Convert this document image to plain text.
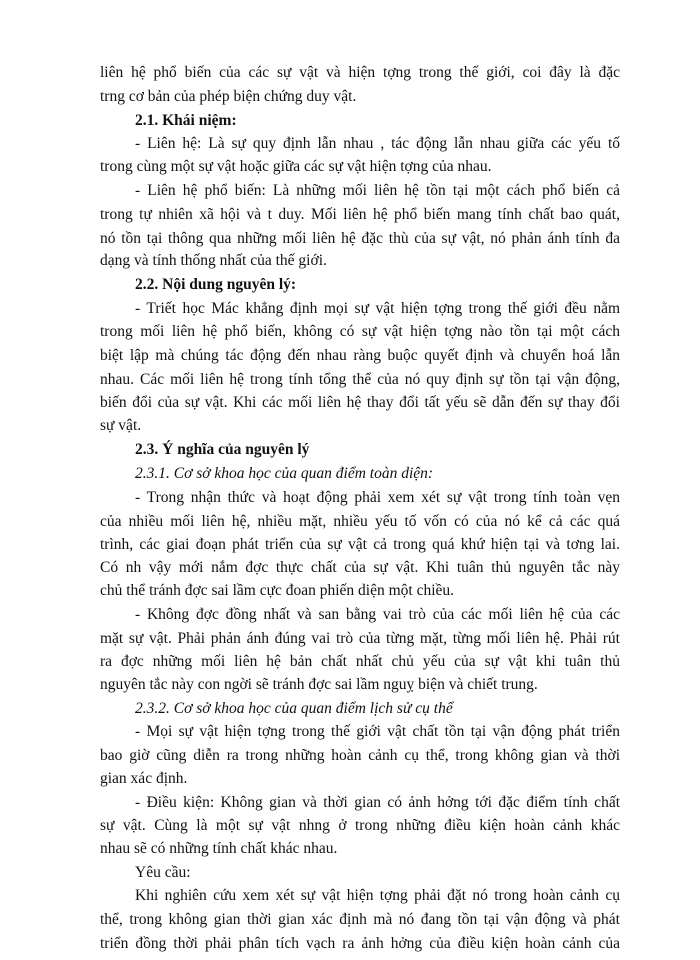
liên hệ phổ biến của các sự vật và hiện tợng trong thế giới, coi đây là đặc
trng cơ bản của phép biện chứng duy vật.
2.1. Khái niệm:
- Liên hệ: Là sự quy định lẫn nhau , tác động lẫn nhau giữa các yếu tố
trong cùng một sự vật hoặc giữa các sự vật hiện tợng của nhau.
- Liên hệ phổ biến: Là những mối liên hệ tồn tại một cách phổ biến cả
trong tự nhiên xã hội và t duy. Mối liên hệ phổ biến mang tính chất bao quát,
nó tồn tại thông qua những mối liên hệ đặc thù của sự vật, nó phản ánh tính đa
dạng và tính thống nhất của thế giới.
2.2. Nội dung nguyên lý:
- Triết học Mác khẳng định mọi sự vật hiện tợng trong thế giới đều nằm
trong mối liên hệ phổ biến, không có sự vật hiện tợng nào tồn tại một cách
biệt lập mà chúng tác động đến nhau ràng buộc quyết định và chuyển hoá lẫn
nhau. Các mối liên hệ trong tính tổng thể của nó quy định sự tồn tại vận động,
biến đổi của sự vật. Khi các mối liên hệ thay đổi tất yếu sẽ dẫn đến sự thay đổi
sự vật.
2.3. Ý nghĩa của nguyên lý
2.3.1. Cơ sở khoa học của quan điểm toàn diện:
- Trong nhận thức và hoạt động phải xem xét sự vật trong tính toàn vẹn
của nhiều mối liên hệ, nhiều mặt, nhiều yếu tố vốn có của nó kể cả các quá
trình, các giai đoạn phát triển của sự vật cả trong quá khứ hiện tại và tơng lai.
Có nh vậy mới nắm đợc thực chất của sự vật. Khi tuân thủ nguyên tắc này
chủ thể tránh đợc sai lầm cực đoan phiến diện một chiều.
- Không đợc đồng nhất và san bằng vai trò của các mối liên hệ của các
mặt sự vật. Phải phản ánh đúng vai trò của từng mặt, từng mối liên hệ. Phải rút
ra đợc những mối liên hệ bản chất nhất chủ yếu của sự vật khi tuân thủ
nguyên tắc này con ngời sẽ tránh đợc sai lầm nguỵ biện và chiết trung.
2.3.2. Cơ sở khoa học của quan điểm lịch sử cụ thể
- Mọi sự vật hiện tợng trong thế giới vật chất tồn tại vận động phát triển
bao giờ cũng diễn ra trong những hoàn cảnh cụ thể, trong không gian và thời
gian xác định.
- Điều kiện: Không gian và thời gian có ảnh hởng tới đặc điểm tính chất
sự vật. Cùng là một sự vật nhng ở trong những điều kiện hoàn cảnh khác
nhau sẽ có những tính chất khác nhau.
Yêu cầu:
Khi nghiên cứu xem xét sự vật hiện tợng phải đặt nó trong hoàn cảnh cụ
thể, trong không gian thời gian xác định mà nó đang tồn tại vận động và phát
triển đồng thời phải phân tích vạch ra ảnh hởng của điều kiện hoàn cảnh của
